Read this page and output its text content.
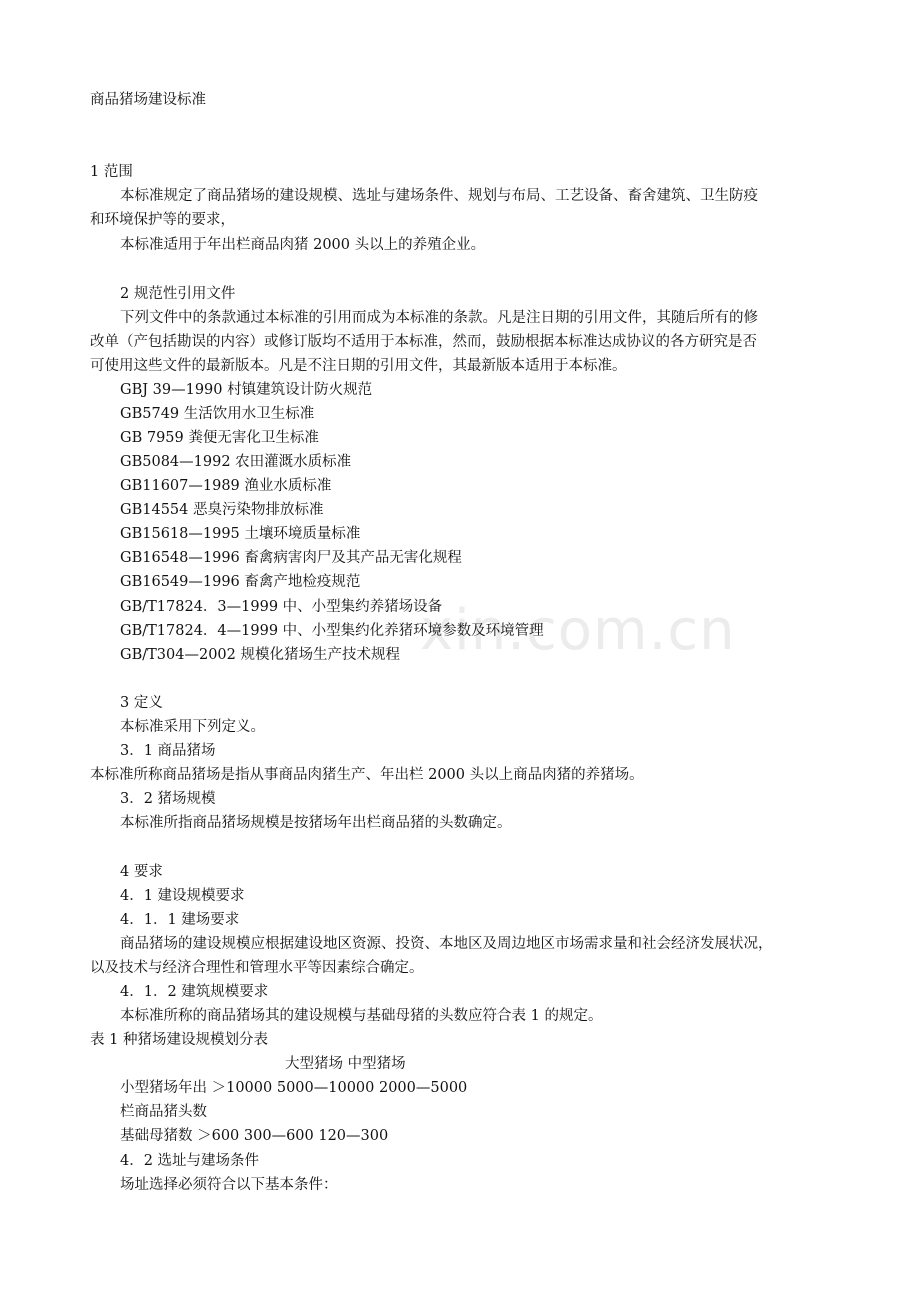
xin.com.cn
商品猪场建设标准
1 范围
本标准规定了商品猪场的建设规模、选址与建场条件、规划与布局、工艺设备、畜舍建筑、卫生防疫
和环境保护等的要求，
本标准适用于年出栏商品肉猪 2000 头以上的养殖企业。
2 规范性引用文件
下列文件中的条款通过本标准的引用而成为本标准的条款。凡是注日期的引用文件，其随后所有的修
改单（产包括勘误的内容）或修订版均不适用于本标准，然而，鼓励根据本标准达成协议的各方研究是否
可使用这些文件的最新版本。凡是不注日期的引用文件，其最新版本适用于本标准。
GBJ 39—1990 村镇建筑设计防火规范
GB5749 生活饮用水卫生标准
GB 7959 粪便无害化卫生标准
GB5084—1992 农田灌溉水质标准
GB11607—1989 渔业水质标准
GB14554 恶臭污染物排放标准
GB15618—1995 土壤环境质量标准
GB16548—1996 畜禽病害肉尸及其产品无害化规程
GB16549—1996 畜禽产地检疫规范
GB/T17824．3—1999 中、小型集约养猪场设备
GB/T17824．4—1999 中、小型集约化养猪环境参数及环境管理
GB/T304—2002 规模化猪场生产技术规程
3 定义
本标准采用下列定义。
3．1 商品猪场
本标准所称商品猪场是指从事商品肉猪生产、年出栏 2000 头以上商品肉猪的养猪场。
3．2 猪场规模
本标准所指商品猪场规模是按猪场年出栏商品猪的头数确定。
4 要求
4．1 建设规模要求
4．1．1 建场要求
商品猪场的建设规模应根据建设地区资源、投资、本地区及周边地区市场需求量和社会经济发展状况，
以及技术与经济合理性和管理水平等因素综合确定。
4．1．2 建筑规模要求
本标准所称的商品猪场其的建设规模与基础母猪的头数应符合表 1 的规定。
表 1 种猪场建设规模划分表
大型猪场 中型猪场
小型猪场年出 ＞10000 5000—10000 2000—5000
栏商品猪头数
基础母猪数 ＞600 300—600 120—300
4．2 选址与建场条件
场址选择必须符合以下基本条件：
